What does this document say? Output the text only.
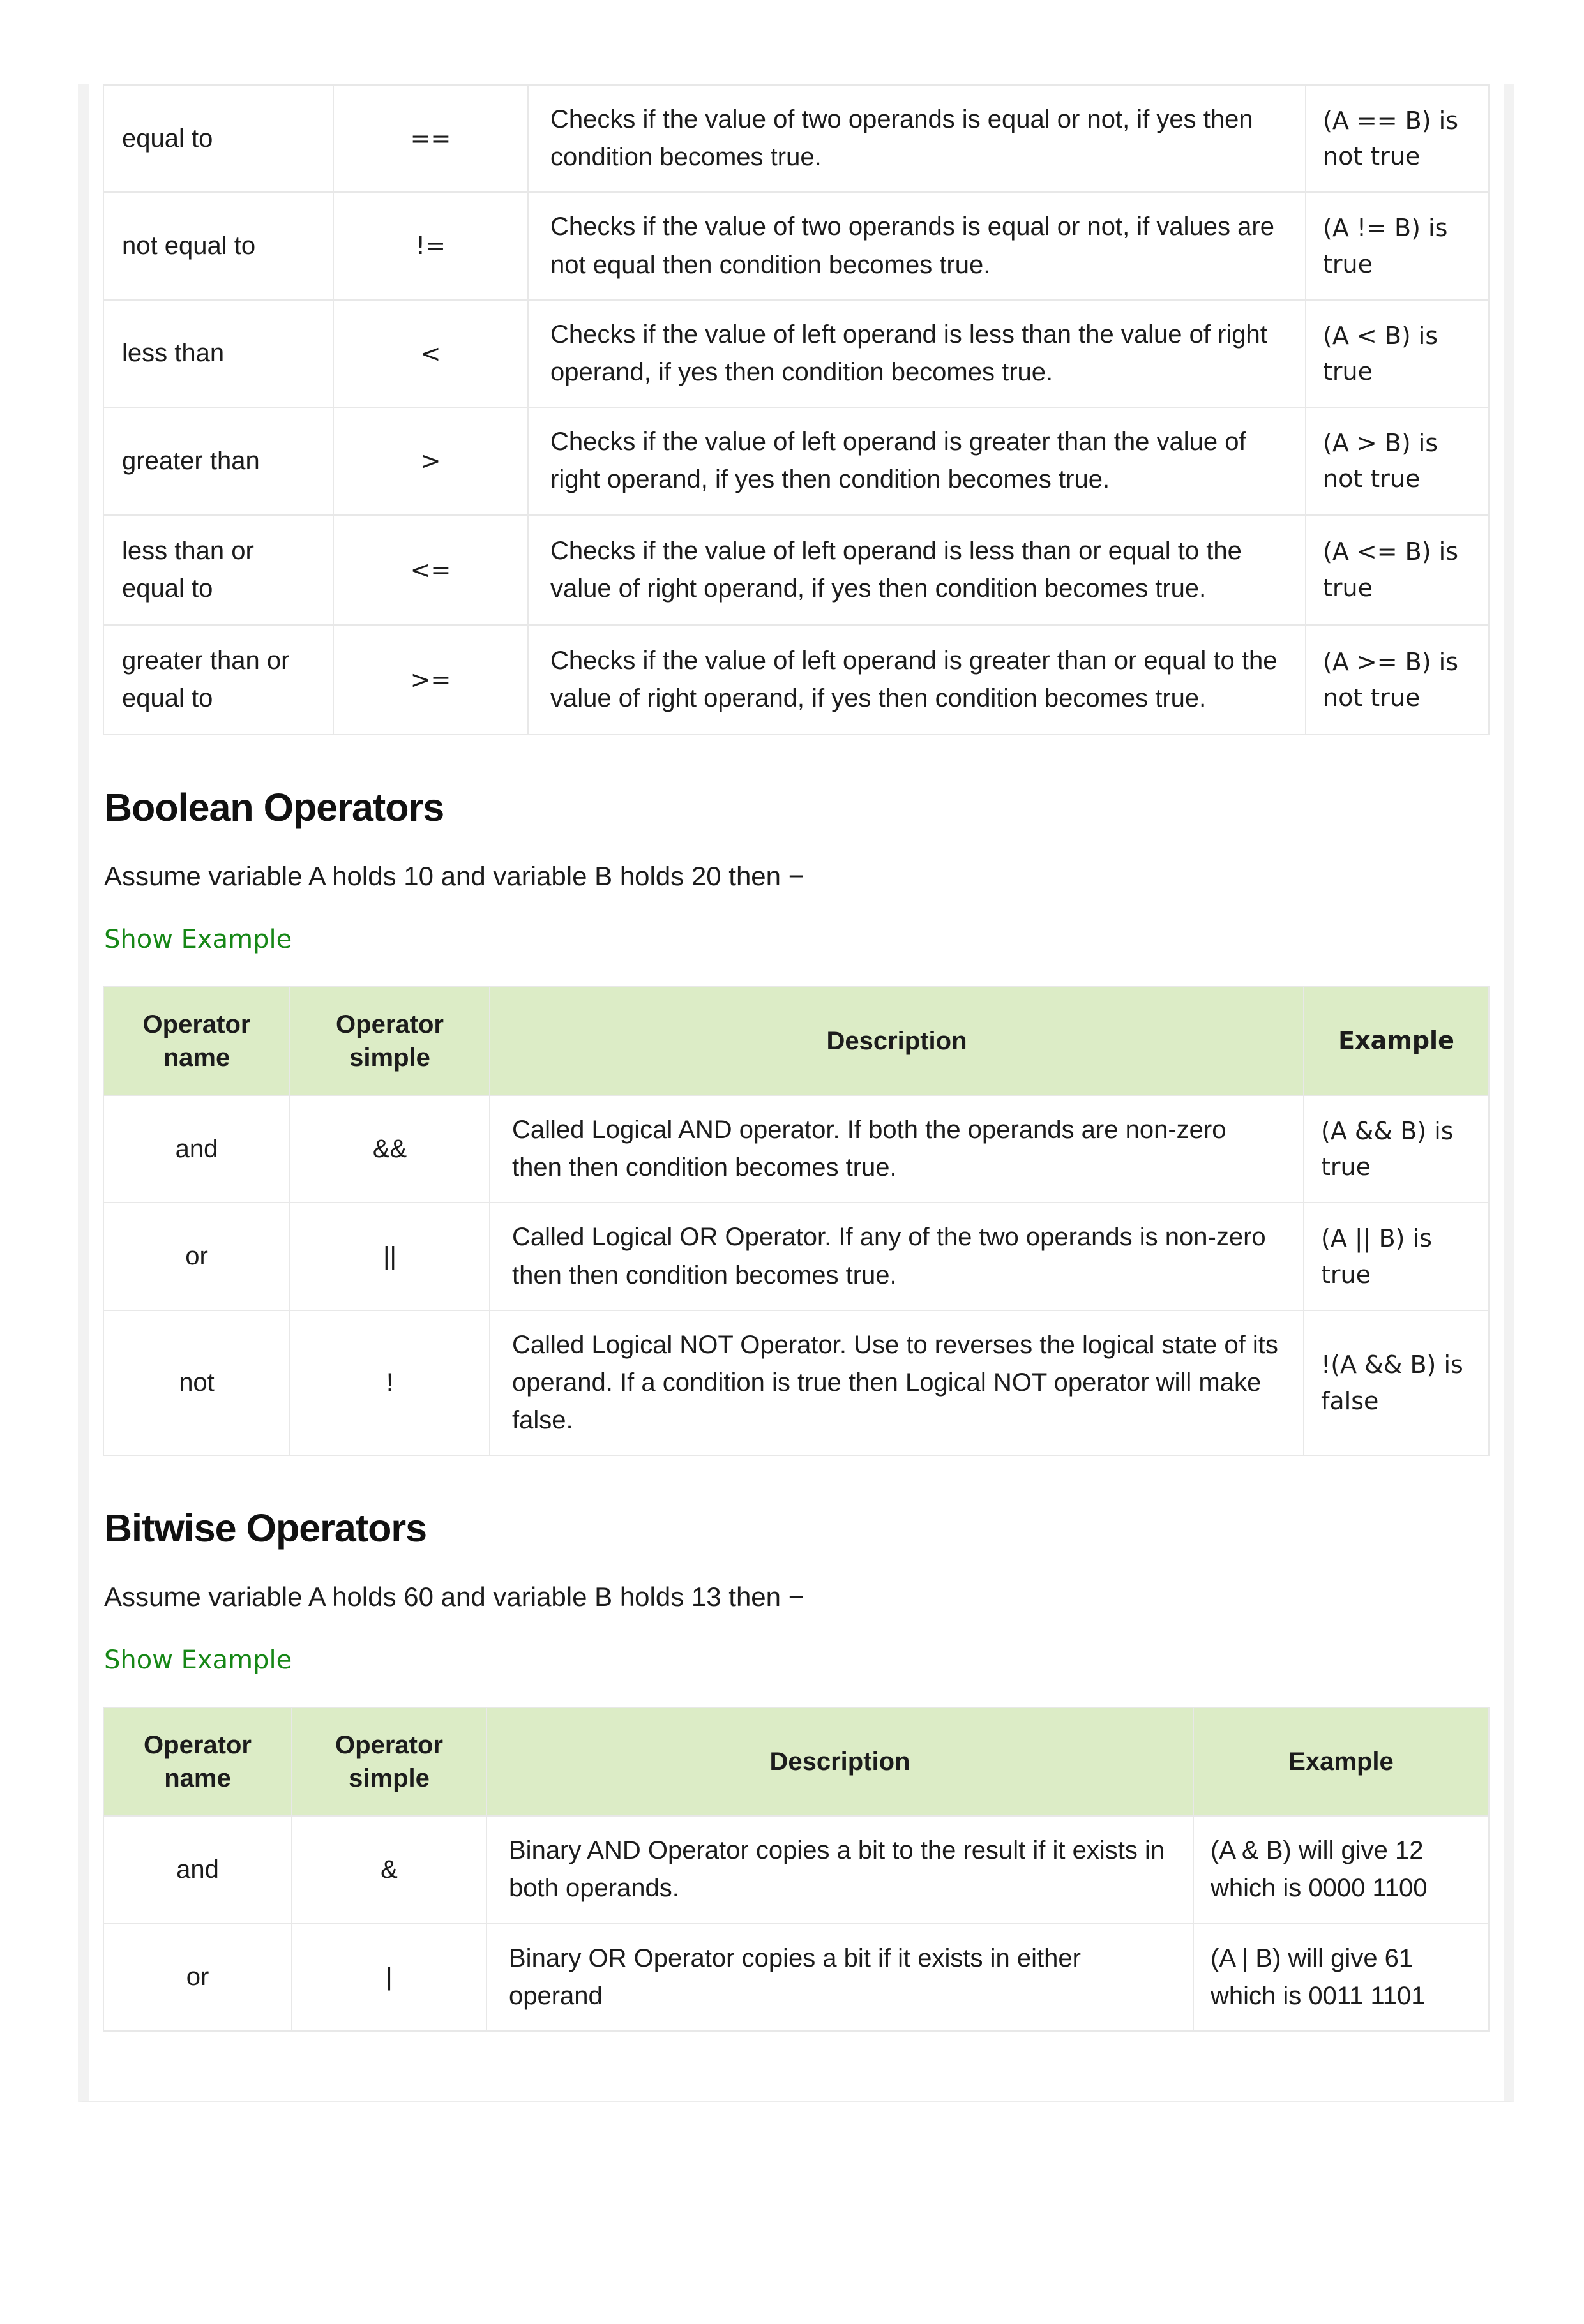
equal to	==	Checks if the value of two operands is equal or not, if yes then condition becomes true.	(A == B) is not true
not equal to	!=	Checks if the value of two operands is equal or not, if values are not equal then condition becomes true.	(A != B) is true
less than	<	Checks if the value of left operand is less than the value of right operand, if yes then condition becomes true.	(A < B) is true
greater than	>	Checks if the value of left operand is greater than the value of right operand, if yes then condition becomes true.	(A > B) is not true
less than or equal to	<=	Checks if the value of left operand is less than or equal to the value of right operand, if yes then condition becomes true.	(A <= B) is true
greater than or equal to	>=	Checks if the value of left operand is greater than or equal to the value of right operand, if yes then condition becomes true.	(A >= B) is not true
Boolean Operators

Assume variable A holds 10 and variable B holds 20 then −

Show Example
Operator name	Operator simple	Description	Example
and	&&	Called Logical AND operator. If both the operands are non-zero then then condition becomes true.	(A && B) is true
or	||	Called Logical OR Operator. If any of the two operands is non-zero then then condition becomes true.	(A || B) is true
not	!	Called Logical NOT Operator. Use to reverses the logical state of its operand. If a condition is true then Logical NOT operator will make false.	!(A && B) is false
Bitwise Operators

Assume variable A holds 60 and variable B holds 13 then −

Show Example
Operator name	Operator simple	Description	Example
and	&	Binary AND Operator copies a bit to the result if it exists in both operands.	(A & B) will give 12 which is 0000 1100
or	|	Binary OR Operator copies a bit if it exists in either operand	(A | B) will give 61 which is 0011 1101
